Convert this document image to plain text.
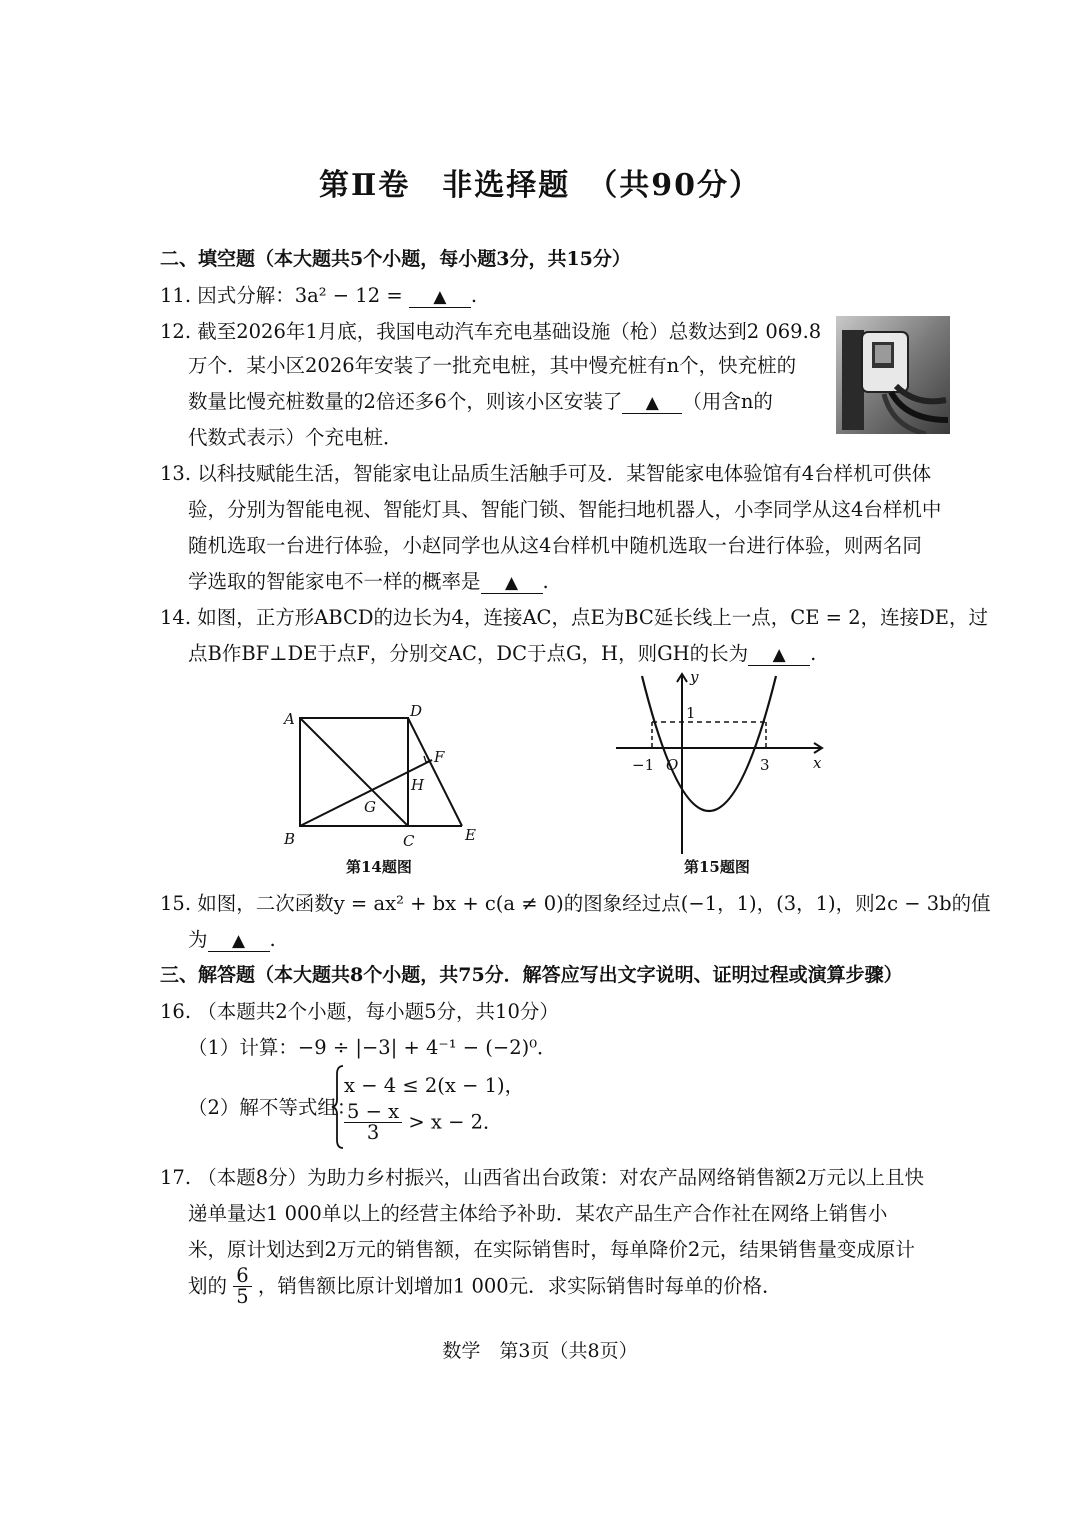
第Ⅱ卷　非选择题　（共90分）
二、填空题（本大题共5个小题，每小题3分，共15分）
11. 因式分解：3a² − 12 = ▲ .
12. 截至2026年1月底，我国电动汽车充电基础设施（枪）总数达到2 069.8
万个．某小区2026年安装了一批充电桩，其中慢充桩有n个，快充桩的
数量比慢充桩数量的2倍还多6个，则该小区安装了 ▲ （用含n的
代数式表示）个充电桩．
13. 以科技赋能生活，智能家电让品质生活触手可及．某智能家电体验馆有4台样机可供体
验，分别为智能电视、智能灯具、智能门锁、智能扫地机器人，小李同学从这4台样机中
随机选取一台进行体验，小赵同学也从这4台样机中随机选取一台进行体验，则两名同
学选取的智能家电不一样的概率是 ▲ .
14. 如图，正方形ABCD的边长为4，连接AC，点E为BC延长线上一点，CE = 2，连接DE，过
点B作BF⊥DE于点F，分别交AC，DC于点G，H，则GH的长为 ▲ .
A	D
B	C	E
F
G
H
第14题图
y
x
1
−1 O	3
第15题图
15. 如图，二次函数y = ax² + bx + c(a ≠ 0)的图象经过点(−1，1)，(3，1)，则2c − 3b的值
为 ▲ .
三、解答题（本大题共8个小题，共75分．解答应写出文字说明、证明过程或演算步骤）
16. （本题共2个小题，每小题5分，共10分）
（1）计算：−9 ÷ |−3| + 4⁻¹ − (−2)⁰．
（2）解不等式组：
x − 4 ≤ 2(x − 1)，
$\frac{5 - x}{3} > x - 2$．
17. （本题8分）为助力乡村振兴，山西省出台政策：对农产品网络销售额2万元以上且快
递单量达1 000单以上的经营主体给予补助．某农产品生产合作社在网络上销售小
米，原计划达到2万元的销售额，在实际销售时，每单降价2元，结果销售量变成原计
划的 $\frac{6}{5}$ ，销售额比原计划增加1 000元．求实际销售时每单的价格．
数学　第3页（共8页）
